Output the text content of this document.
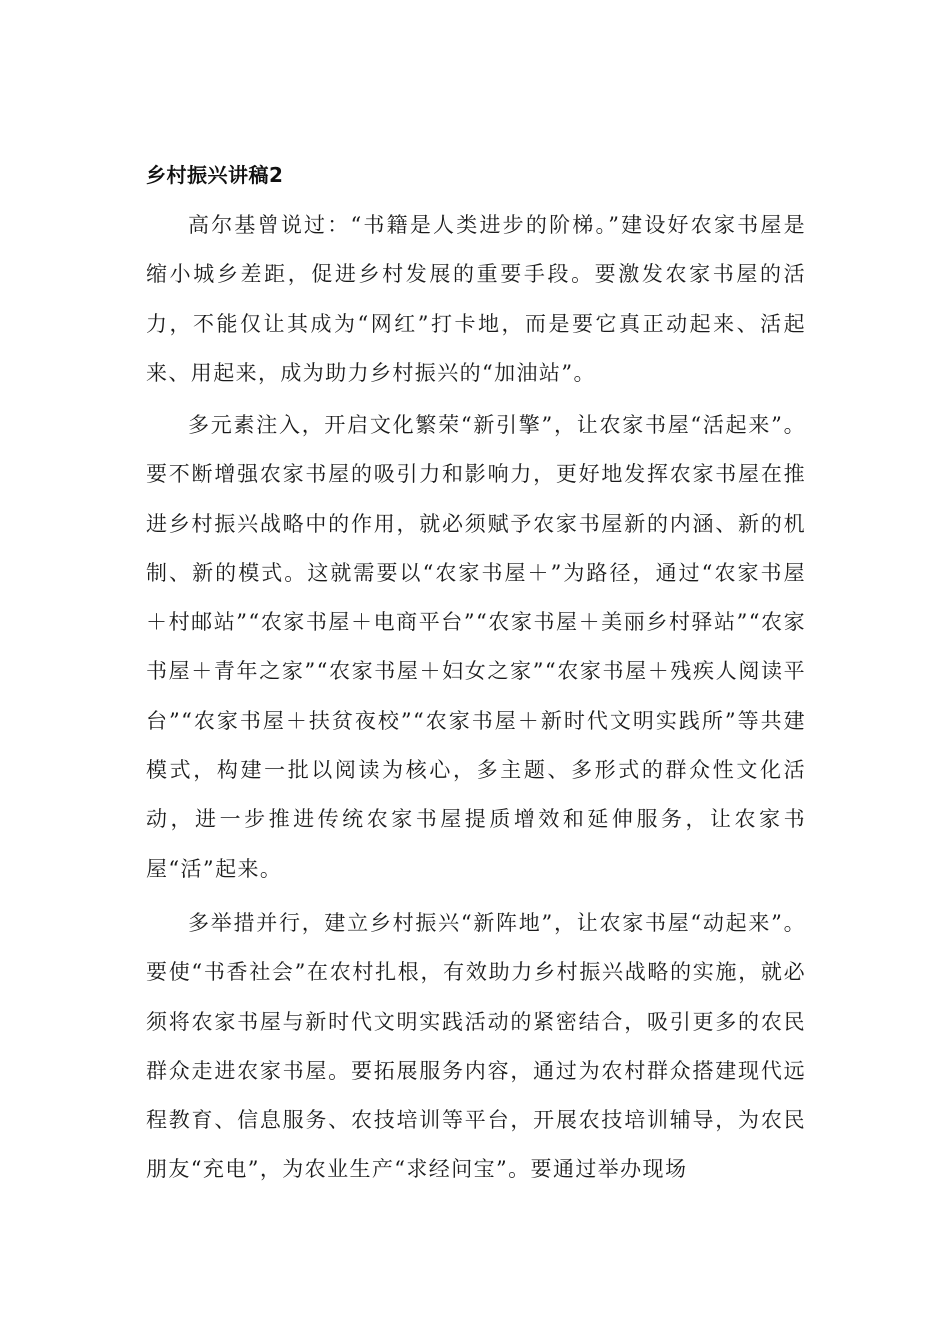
乡村振兴讲稿2

高尔基曾说过：“书籍是人类进步的阶梯。”建设好农家书屋是缩小城乡差距，促进乡村发展的重要手段。要激发农家书屋的活力，不能仅让其成为“网红”打卡地，而是要它真正动起来、活起来、用起来，成为助力乡村振兴的“加油站”。

多元素注入，开启文化繁荣“新引擎”，让农家书屋“活起来”。要不断增强农家书屋的吸引力和影响力，更好地发挥农家书屋在推进乡村振兴战略中的作用，就必须赋予农家书屋新的内涵、新的机制、新的模式。这就需要以“农家书屋＋”为路径，通过“农家书屋＋村邮站”“农家书屋＋电商平台”“农家书屋＋美丽乡村驿站”“农家书屋＋青年之家”“农家书屋＋妇女之家”“农家书屋＋残疾人阅读平台”“农家书屋＋扶贫夜校”“农家书屋＋新时代文明实践所”等共建模式，构建一批以阅读为核心，多主题、多形式的群众性文化活动，进一步推进传统农家书屋提质增效和延伸服务，让农家书屋“活”起来。

多举措并行，建立乡村振兴“新阵地”，让农家书屋“动起来”。要使“书香社会”在农村扎根，有效助力乡村振兴战略的实施，就必须将农家书屋与新时代文明实践活动的紧密结合，吸引更多的农民群众走进农家书屋。要拓展服务内容，通过为农村群众搭建现代远程教育、信息服务、农技培训等平台，开展农技培训辅导，为农民朋友“充电”，为农业生产“求经问宝”。要通过举办现场
